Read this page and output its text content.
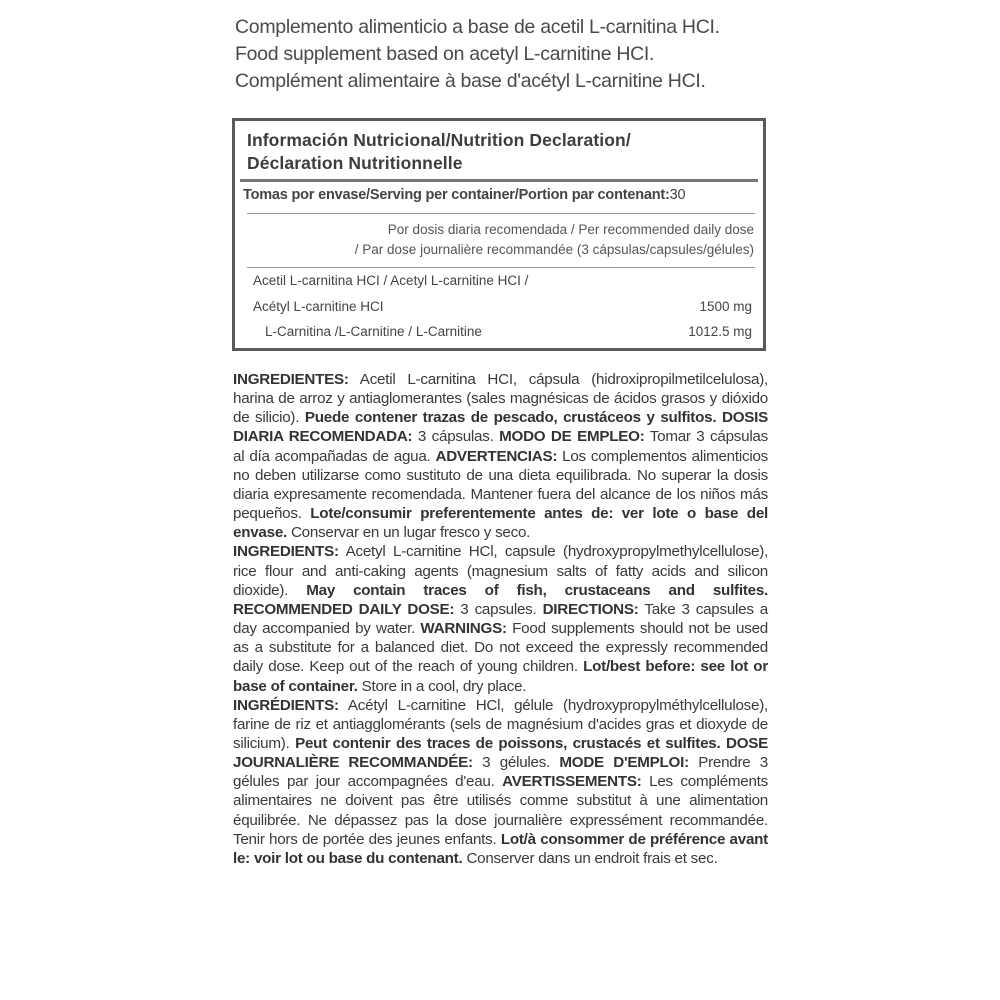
Complemento alimenticio a base de acetil L-carnitina HCI.
Food supplement based on acetyl L-carnitine HCI.
Complément alimentaire à base d'acétyl L-carnitine HCI.
Información Nutricional/Nutrition Declaration/
Déclaration Nutritionnelle
Tomas por envase/Serving per container/Portion par contenant:30
Por dosis diaria recomendada / Per recommended daily dose
/ Par dose journalière recommandée (3 cápsulas/capsules/gélules)
Acetil L-carnitina HCI / Acetyl L-carnitine HCI /
Acétyl L-carnitine HCI	1500 mg
L-Carnitina /L-Carnitine / L-Carnitine	1012.5 mg

INGREDIENTES: Acetil L-carnitina HCI, cápsula (hidroxipropilmetilcelulosa), harina de arroz y antiaglomerantes (sales magnésicas de ácidos grasos y dióxido de silicio). Puede contener trazas de pescado, crustáceos y sulfitos. DOSIS DIARIA RECOMENDADA: 3 cápsulas. MODO DE EMPLEO: Tomar 3 cápsulas al día acompañadas de agua. ADVERTENCIAS: Los complementos alimenticios no deben utilizarse como sustituto de una dieta equilibrada. No superar la dosis diaria expresamente recomendada. Mantener fuera del alcance de los niños más pequeños. Lote/consumir preferentemente antes de: ver lote o base del envase. Conservar en un lugar fresco y seco.

INGREDIENTS: Acetyl L-carnitine HCl, capsule (hydroxypropylmethylcellulose), rice flour and anti-caking agents (magnesium salts of fatty acids and silicon dioxide). May contain traces of fish, crustaceans and sulfites. RECOMMENDED DAILY DOSE: 3 capsules. DIRECTIONS: Take 3 capsules a day accompanied by water. WARNINGS: Food supplements should not be used as a substitute for a balanced diet. Do not exceed the expressly recommended daily dose. Keep out of the reach of young children. Lot/best before: see lot or base of container. Store in a cool, dry place.

INGRÉDIENTS: Acétyl L-carnitine HCl, gélule (hydroxypropylméthylcellulose), farine de riz et antiagglomérants (sels de magnésium d'acides gras et dioxyde de silicium). Peut contenir des traces de poissons, crustacés et sulfites. DOSE JOURNALIÈRE RECOMMANDÉE: 3 gélules. MODE D'EMPLOI: Prendre 3 gélules par jour accompagnées d'eau. AVERTISSEMENTS: Les compléments alimentaires ne doivent pas être utilisés comme substitut à une alimentation équilibrée. Ne dépassez pas la dose journalière expressément recommandée. Tenir hors de portée des jeunes enfants. Lot/à consommer de préférence avant le: voir lot ou base du contenant. Conserver dans un endroit frais et sec.
